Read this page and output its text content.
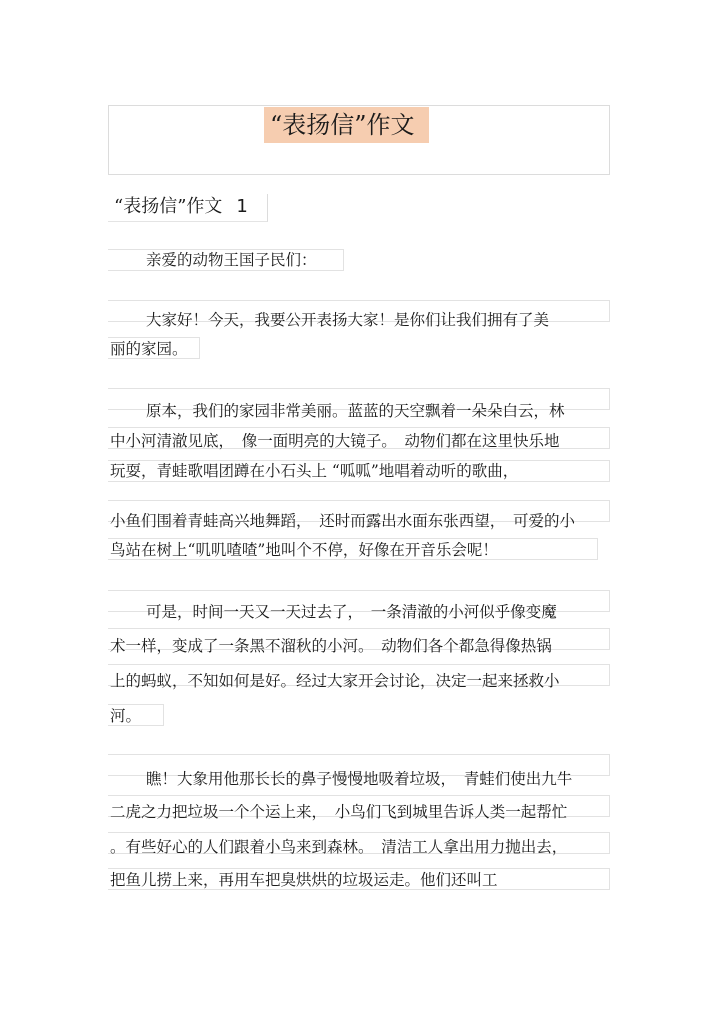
“表扬信”作文
“表扬信”作文 1
亲爱的动物王国子民们：
大家好！今天，我要公开表扬大家！是你们让我们拥有了美
丽的家园。
原本，我们的家园非常美丽。蓝蓝的天空飘着一朵朵白云，林
中小河清澈见底，　像一面明亮的大镜子。　动物们都在这里快乐地
玩耍，青蛙歌唱团蹲在小石头上 “呱呱”地唱着动听的歌曲，
小鱼们围着青蛙高兴地舞蹈，　还时而露出水面东张西望，　可爱的小
鸟站在树上“叽叽喳喳”地叫个不停，好像在开音乐会呢！
可是，时间一天又一天过去了，　一条清澈的小河似乎像变魔
术一样，变成了一条黑不溜秋的小河。　动物们各个都急得像热锅
上的蚂蚁，不知如何是好。经过大家开会讨论，决定一起来拯救小
河。
瞧！大象用他那长长的鼻子慢慢地吸着垃圾，　青蛙们使出九牛
二虎之力把垃圾一个个运上来，　小鸟们飞到城里告诉人类一起帮忙
。有些好心的人们跟着小鸟来到森林。　清洁工人拿出用力抛出去，
把鱼儿捞上来，再用车把臭烘烘的垃圾运走。他们还叫工
